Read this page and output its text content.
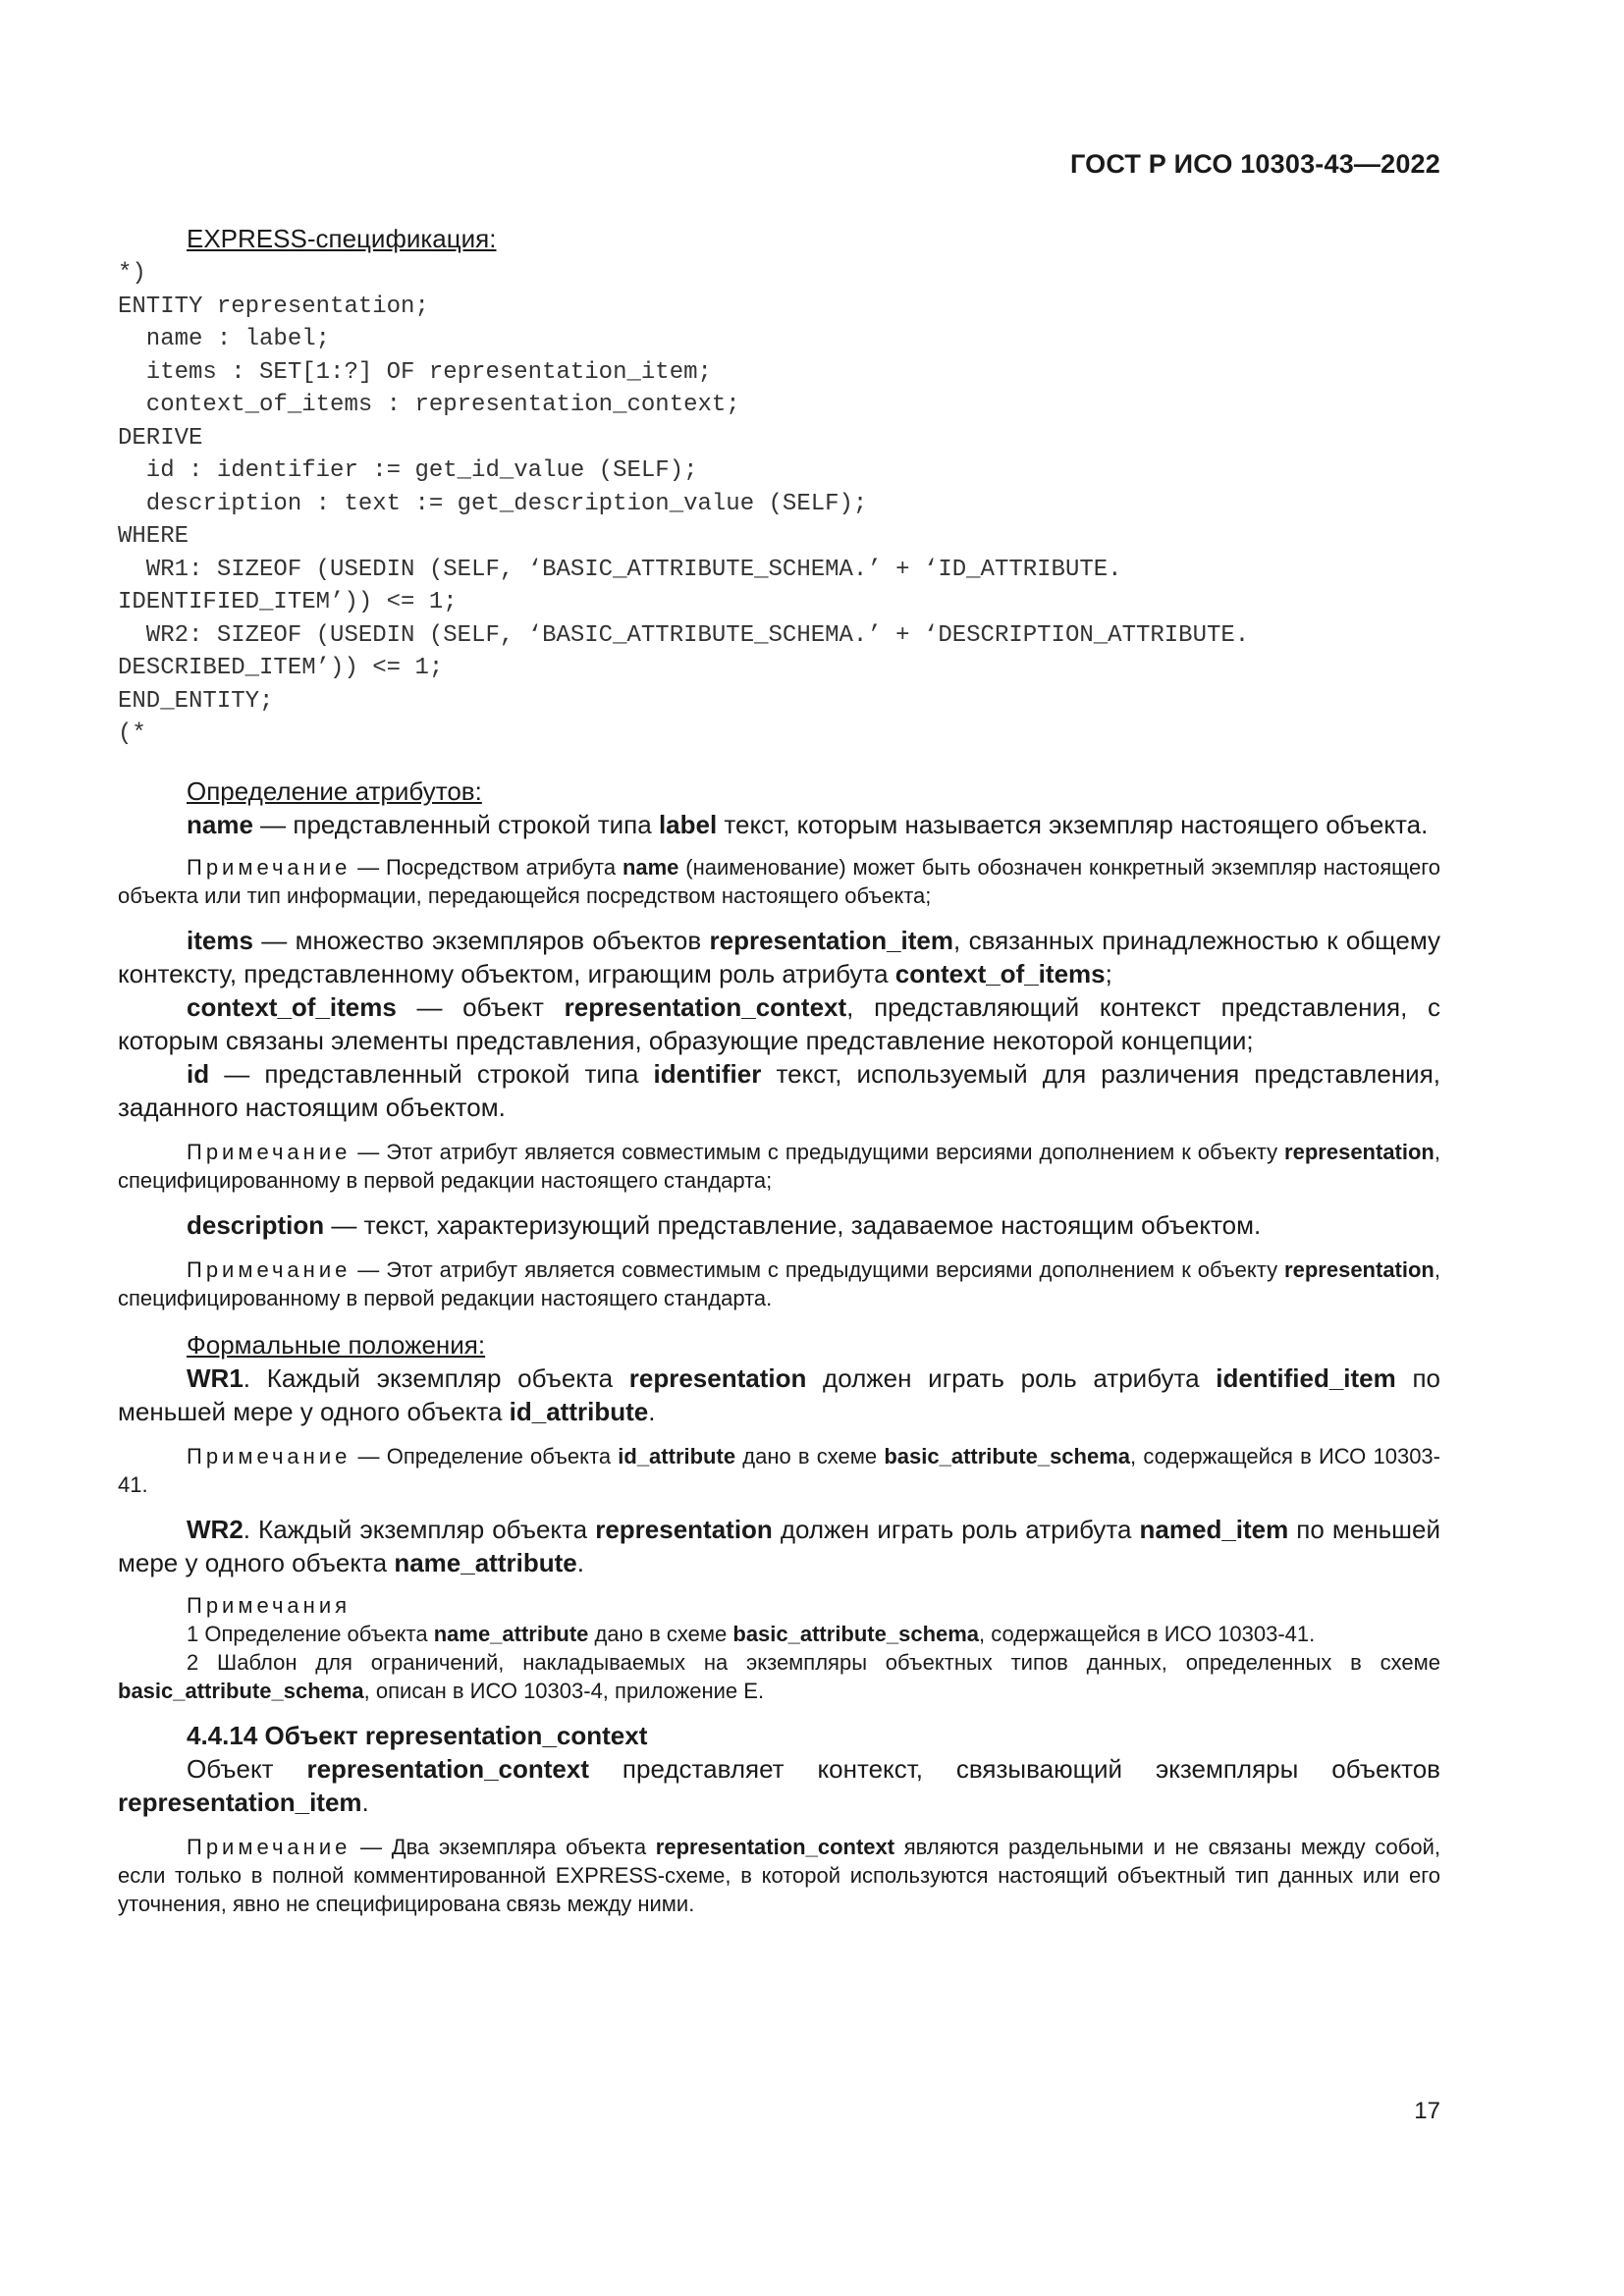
ГОСТ Р ИСО 10303-43—2022
EXPRESS-спецификация:
*)
ENTITY representation;
name : label;
items : SET[1:?] OF representation_item;
context_of_items : representation_context;
DERIVE
id : identifier := get_id_value (SELF);
description : text := get_description_value (SELF);
WHERE
WR1: SIZEOF (USEDIN (SELF, ‘BASIC_ATTRIBUTE_SCHEMA.’ + ‘ID_ATTRIBUTE.
IDENTIFIED_ITEM’)) <= 1;
WR2: SIZEOF (USEDIN (SELF, ‘BASIC_ATTRIBUTE_SCHEMA.’ + ‘DESCRIPTION_ATTRIBUTE.
DESCRIBED_ITEM’)) <= 1;
END_ENTITY;
(*
Определение атрибутов:

name — представленный строкой типа label текст, которым называется экземпляр настоящего объекта.

Примечание — Посредством атрибута name (наименование) может быть обозначен конкретный экземпляр настоящего объекта или тип информации, передающейся посредством настоящего объекта;

items — множество экземпляров объектов representation_item, связанных принадлежностью к общему контексту, представленному объектом, играющим роль атрибута context_of_items;

context_of_items — объект representation_context, представляющий контекст представления, с которым связаны элементы представления, образующие представление некоторой концепции;

id — представленный строкой типа identifier текст, используемый для различения представления, заданного настоящим объектом.

Примечание — Этот атрибут является совместимым с предыдущими версиями дополнением к объекту representation, специфицированному в первой редакции настоящего стандарта;

description — текст, характеризующий представление, задаваемое настоящим объектом.

Примечание — Этот атрибут является совместимым с предыдущими версиями дополнением к объекту representation, специфицированному в первой редакции настоящего стандарта.

Формальные положения:

WR1. Каждый экземпляр объекта representation должен играть роль атрибута identified_item по меньшей мере у одного объекта id_attribute.

Примечание — Определение объекта id_attribute дано в схеме basic_attribute_schema, содержащейся в ИСО 10303-41.

WR2. Каждый экземпляр объекта representation должен играть роль атрибута named_item по меньшей мере у одного объекта name_attribute.

Примечания

1 Определение объекта name_attribute дано в схеме basic_attribute_schema, содержащейся в ИСО 10303-41.

2 Шаблон для ограничений, накладываемых на экземпляры объектных типов данных, определенных в схеме basic_attribute_schema, описан в ИСО 10303-4, приложение E.

4.4.14 Объект representation_context

Объект representation_context представляет контекст, связывающий экземпляры объектов representation_item.

Примечание — Два экземпляра объекта representation_context являются раздельными и не связаны между собой, если только в полной комментированной EXPRESS-схеме, в которой используются настоящий объектный тип данных или его уточнения, явно не специфицирована связь между ними.

17
